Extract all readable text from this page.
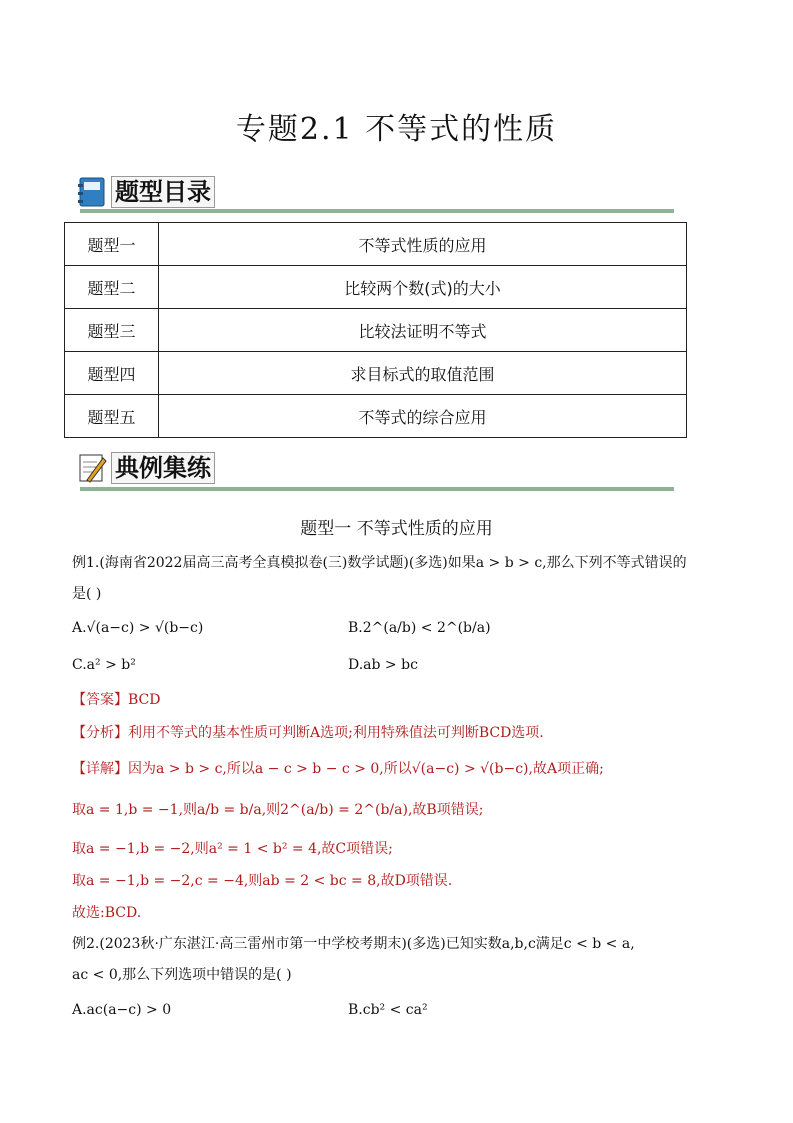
专题2.1 不等式的性质
题型目录
题型一	不等式性质的应用
题型二	比较两个数(式)的大小
题型三	比较法证明不等式
题型四	求目标式的取值范围
题型五	不等式的综合应用
典例集练
题型一 不等式性质的应用
例1.(海南省2022届高三高考全真模拟卷(三)数学试题)(多选)如果a > b > c,那么下列不等式错误的
是( )
A.√(a−c) > √(b−c)	B.2^(a/b) < 2^(b/a)
C.a² > b²	D.ab > bc
【答案】BCD
【分析】利用不等式的基本性质可判断A选项;利用特殊值法可判断BCD选项.
【详解】因为a > b > c,所以a − c > b − c > 0,所以√(a−c) > √(b−c),故A项正确;
取a = 1,b = −1,则a/b = b/a,则2^(a/b) = 2^(b/a),故B项错误;
取a = −1,b = −2,则a² = 1 < b² = 4,故C项错误;
取a = −1,b = −2,c = −4,则ab = 2 < bc = 8,故D项错误.
故选:BCD.
例2.(2023秋·广东湛江·高三雷州市第一中学校考期末)(多选)已知实数a,b,c满足c < b < a,
ac < 0,那么下列选项中错误的是( )
A.ac(a−c) > 0	B.cb² < ca²
